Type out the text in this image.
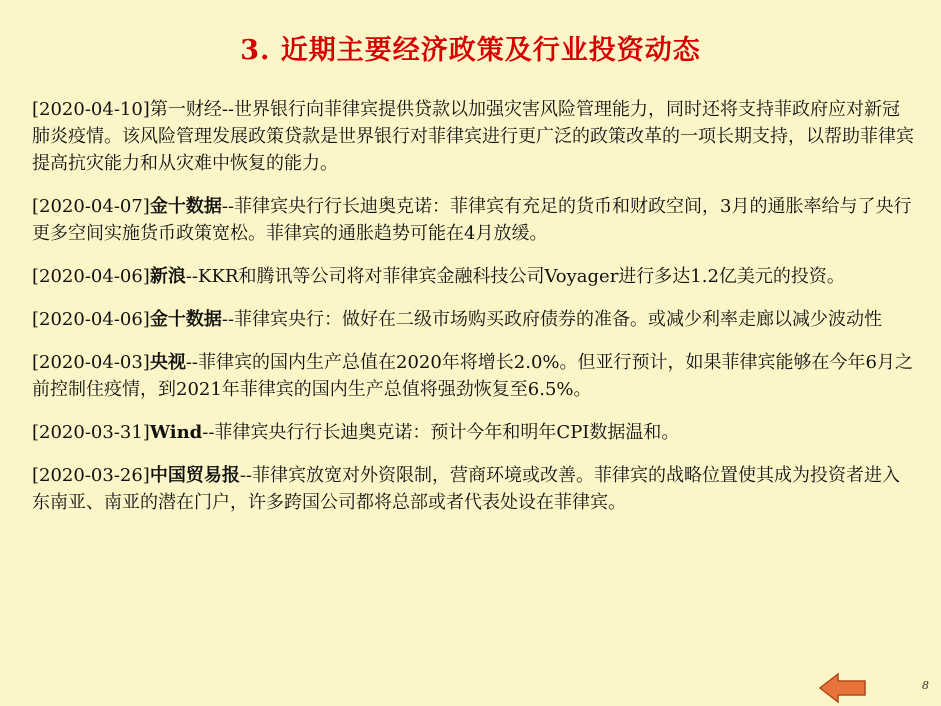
3. 近期主要经济政策及行业投资动态
[2020-04-10]第一财经--世界银行向菲律宾提供贷款以加强灾害风险管理能力，同时还将支持菲政府应对新冠肺炎疫情。该风险管理发展政策贷款是世界银行对菲律宾进行更广泛的政策改革的一项长期支持，以帮助菲律宾提高抗灾能力和从灾难中恢复的能力。
[2020-04-07]金十数据--菲律宾央行行长迪奥克诺：菲律宾有充足的货币和财政空间，3月的通胀率给与了央行更多空间实施货币政策宽松。菲律宾的通胀趋势可能在4月放缓。
[2020-04-06]新浪--KKR和腾讯等公司将对菲律宾金融科技公司Voyager进行多达1.2亿美元的投资。
[2020-04-06]金十数据--菲律宾央行：做好在二级市场购买政府债券的准备。或减少利率走廊以减少波动性
[2020-04-03]央视--菲律宾的国内生产总值在2020年将增长2.0%。但亚行预计，如果菲律宾能够在今年6月之前控制住疫情，到2021年菲律宾的国内生产总值将强劲恢复至6.5%。
[2020-03-31]Wind--菲律宾央行行长迪奥克诺：预计今年和明年CPI数据温和。
[2020-03-26]中国贸易报--菲律宾放宽对外资限制，营商环境或改善。菲律宾的战略位置使其成为投资者进入东南亚、南亚的潜在门户，许多跨国公司都将总部或者代表处设在菲律宾。
8
